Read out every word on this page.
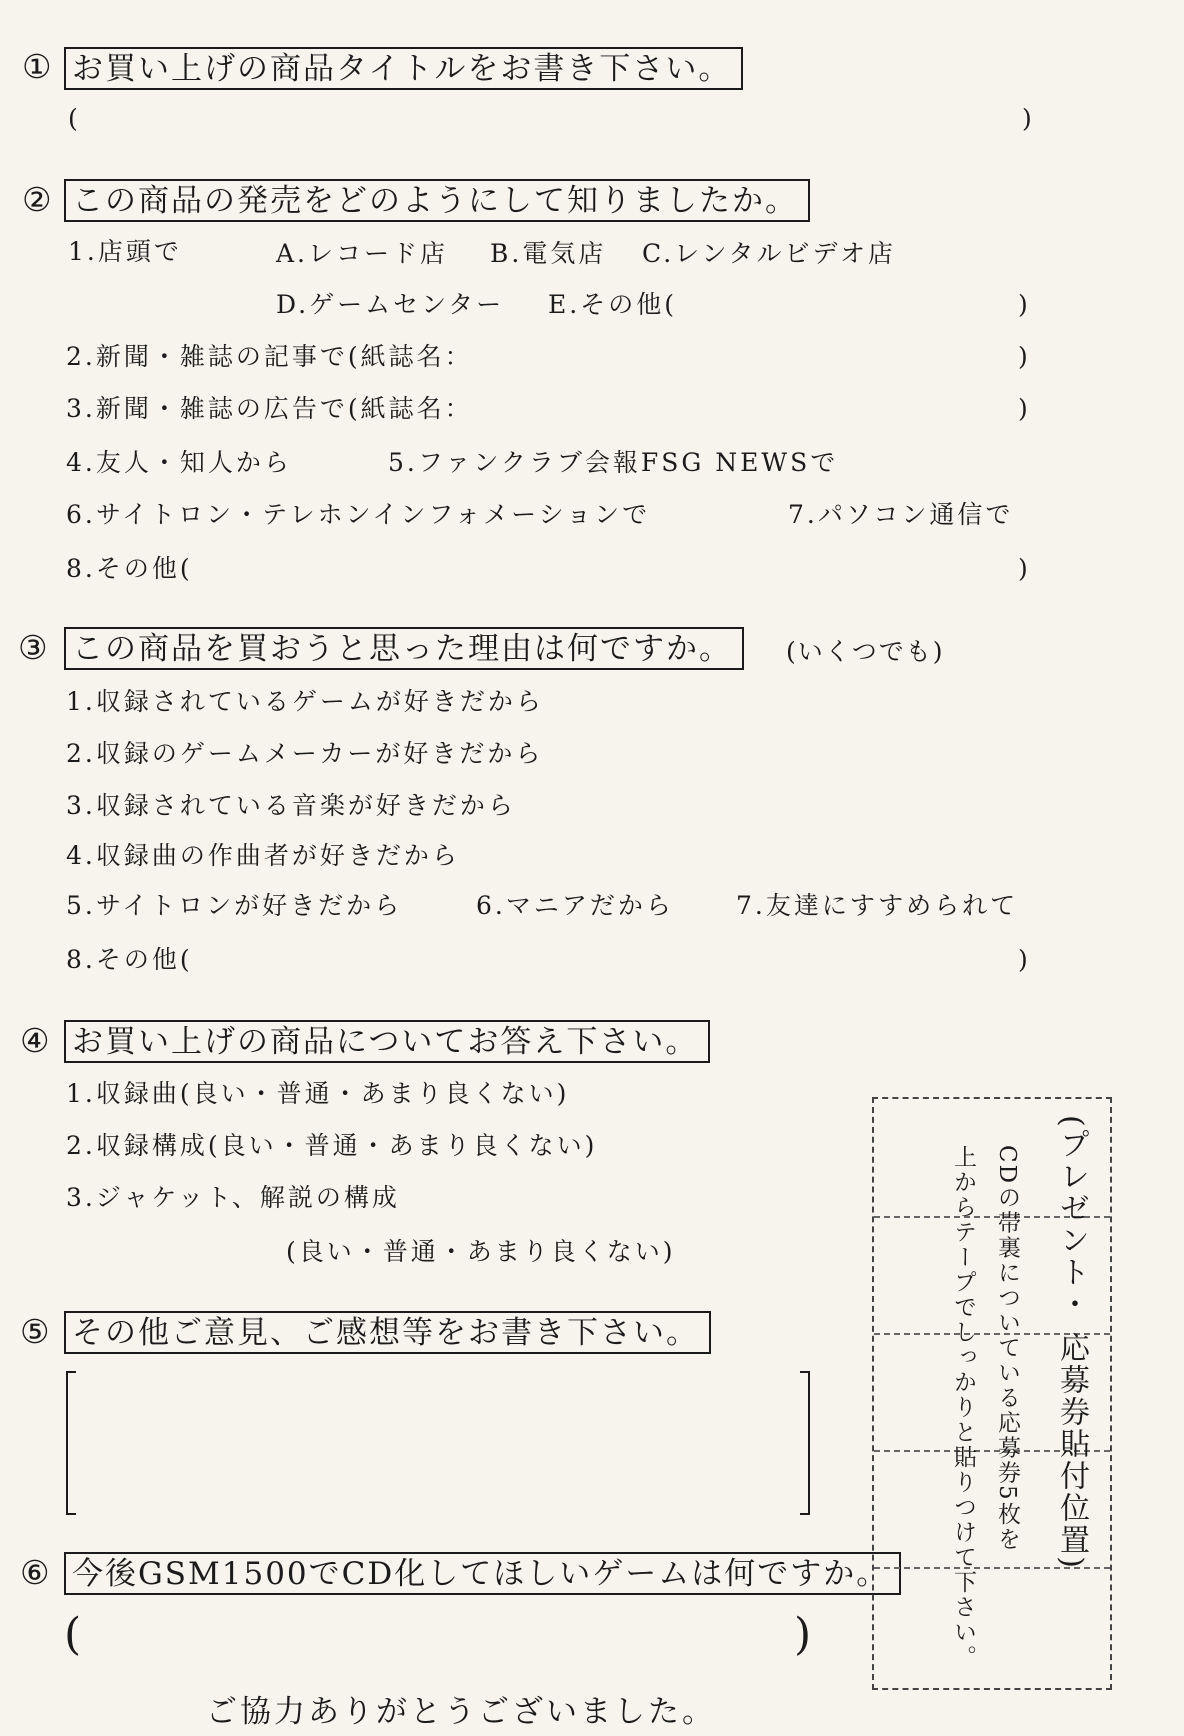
① お買い上げの商品タイトルをお書き下さい。
(	)
② この商品の発売をどのようにして知りましたか。
1.店頭で	A.レコード店 B.電気店 C.レンタルビデオ店
D.ゲームセンター E.その他(	)
2.新聞・雑誌の記事で(紙誌名：	)
3.新聞・雑誌の広告で(紙誌名：	)
4.友人・知人から	5.ファンクラブ会報FSG NEWSで
6.サイトロン・テレホンインフォメーションで	7.パソコン通信で
8.その他(	)
③ この商品を買おうと思った理由は何ですか。	(いくつでも)
1.収録されているゲームが好きだから
2.収録のゲームメーカーが好きだから
3.収録されている音楽が好きだから
4.収録曲の作曲者が好きだから
5.サイトロンが好きだから	6.マニアだから 7.友達にすすめられて
8.その他(	)
④ お買い上げの商品についてお答え下さい。
1.収録曲(良い・普通・あまり良くない)
2.収録構成(良い・普通・あまり良くない)
3.ジャケット、解説の構成
(良い・普通・あまり良くない)
⑤ その他ご意見、ご感想等をお書き下さい。
⑥ 今後GSM1500でCD化してほしいゲームは何ですか。
(	)
(プレゼント・ 応募券貼付位置)
CDの帯裏についている応募券5枚を
上からテープでしっかりと貼りつけて下さい。
ご協力ありがとうございました。
